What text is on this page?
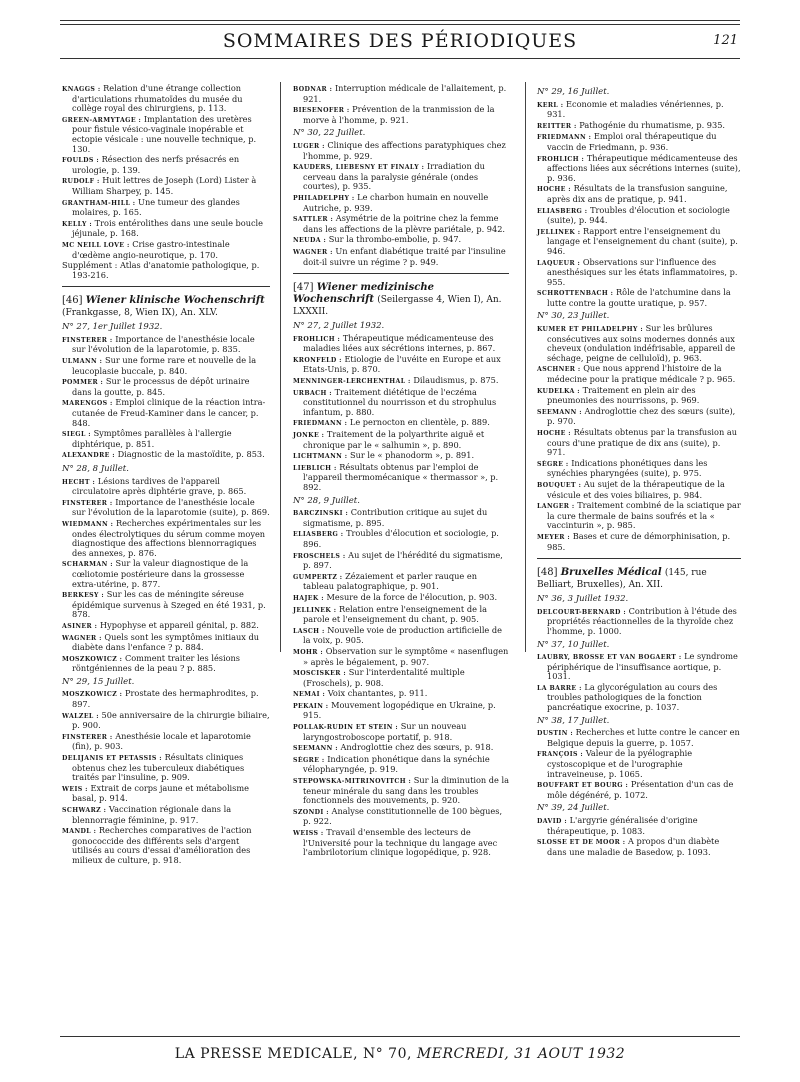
SOMMAIRES DES PÉRIODIQUES	121
KNAGGS : Relation d'une étrange collection d'articulations rhumatoïdes du musée du collège royal des chirurgiens, p. 113.
GREEN-ARMYTAGE : Implantation des uretères pour fistule vésico-vaginale inopérable et ectopie vésicale : une nouvelle technique, p. 130.
FOULDS : Résection des nerfs présacrés en urologie, p. 139.
RUDOLF : Huit lettres de Joseph (Lord) Lister à William Sharpey, p. 145.
GRANTHAM-HILL : Une tumeur des glandes molaires, p. 165.
KELLY : Trois entérolithes dans une seule boucle jéjunale, p. 168.
MC NEILL LOVE : Crise gastro-intestinale d'œdème angio-neurotique, p. 170.
Supplément : Atlas d'anatomie pathologique, p. 193-216.
[46] Wiener klinische Wochenschrift (Frankgasse, 8, Wien IX), An. XLV.
N° 27, 1er Juillet 1932.
FINSTERER : Importance de l'anesthésie locale sur l'évolution de la laparotomie, p. 835.
ULMANN : Sur une forme rare et nouvelle de la leucoplasie buccale, p. 840.
POMMER : Sur le processus de dépôt urinaire dans la goutte, p. 845.
MARENGOS : Emploi clinique de la réaction intra-cutanée de Freud-Kaminer dans le cancer, p. 848.
SIEGL : Symptômes parallèles à l'allergie diphtérique, p. 851.
ALEXANDRE : Diagnostic de la mastoïdite, p. 853.
N° 28, 8 Juillet.
HECHT : Lésions tardives de l'appareil circulatoire après diphtérie grave, p. 865.
FINSTERER : Importance de l'anesthésie locale sur l'évolution de la laparotomie (suite), p. 869.
WIEDMANN : Recherches expérimentales sur les ondes électrolytiques du sérum comme moyen diagnostique des affections blennorragiques des annexes, p. 876.
SCHARMAN : Sur la valeur diagnostique de la cœliotomie postérieure dans la grossesse extra-utérine, p. 877.
BERKESY : Sur les cas de méningite séreuse épidémique survenus à Szeged en été 1931, p. 878.
ASINER : Hypophyse et appareil génital, p. 882.
WAGNER : Quels sont les symptômes initiaux du diabète dans l'enfance ? p. 884.
MOSZKOWICZ : Comment traiter les lésions röntgéniennes de la peau ? p. 885.
N° 29, 15 Juillet.
MOSZKOWICZ : Prostate des hermaphrodites, p. 897.
WALZEL : 50e anniversaire de la chirurgie biliaire, p. 900.
FINSTERER : Anesthésie locale et laparotomie (fin), p. 903.
DELIJANIS ET PETASSIS : Résultats cliniques obtenus chez les tuberculeux diabétiques traités par l'insuline, p. 909.
WEIS : Extrait de corps jaune et métabolisme basal, p. 914.
SCHWARZ : Vaccination régionale dans la blennorragie féminine, p. 917.
MANDL : Recherches comparatives de l'action gonococcide des différents sels d'argent utilisés au cours d'essai d'amélioration des milieux de culture, p. 918.
BODNAR : Interruption médicale de l'allaitement, p. 921.
BIESENOFER : Prévention de la tranmission de la morve à l'homme, p. 921.
N° 30, 22 Juillet.
LUGER : Clinique des affections paratyphiques chez l'homme, p. 929.
KAUDERS, LIEBESNY ET FINALY : Irradiation du cerveau dans la paralysie générale (ondes courtes), p. 935.
PHILADELPHY : Le charbon humain en nouvelle Autriche, p. 939.
SATTLER : Asymétrie de la poitrine chez la femme dans les affections de la plèvre pariétale, p. 942.
NEUDA : Sur la thrombo-embolie, p. 947.
WAGNER : Un enfant diabétique traité par l'insuline doit-il suivre un régime ? p. 949.
[47] Wiener medizinische Wochenschrift (Seilergasse 4, Wien I), An. LXXXII.
N° 27, 2 Juillet 1932.
FROHLICH : Thérapeutique médicamenteuse des maladies liées aux sécrétions internes, p. 867.
KRONFELD : Etiologie de l'uvéite en Europe et aux Etats-Unis, p. 870.
MENNINGER-LERCHENTHAL : Dilaudismus, p. 875.
URBACH : Traitement diététique de l'eczéma constitutionnel du nourrisson et du strophulus infantum, p. 880.
FRIEDMANN : Le pernocton en clientèle, p. 889.
JONKE : Traitement de la polyarthrite aiguë et chronique par le « salhumin », p. 890.
LICHTMANN : Sur le « phanodorm », p. 891.
LIEBLICH : Résultats obtenus par l'emploi de l'appareil thermomécanique « thermassor », p. 892.
N° 28, 9 Juillet.
BARCZINSKI : Contribution critique au sujet du sigmatisme, p. 895.
ELIASBERG : Troubles d'élocution et sociologie, p. 896.
FROSCHELS : Au sujet de l'hérédité du sigmatisme, p. 897.
GUMPERTZ : Zézaiement et parler rauque en tableau palatographique, p. 901.
HAJEK : Mesure de la force de l'élocution, p. 903.
JELLINEK : Relation entre l'enseignement de la parole et l'enseignement du chant, p. 905.
LASCH : Nouvelle voie de production artificielle de la voix, p. 905.
MOHR : Observation sur le symptôme « nasenflugen » après le bégaiement, p. 907.
MOSCISKER : Sur l'interdentalité multiple (Froschels), p. 908.
NEMAI : Voix chantantes, p. 911.
PEKAIN : Mouvement logopédique en Ukraine, p. 915.
POLLAK-RUDIN ET STEIN : Sur un nouveau laryngostroboscope portatif, p. 918.
SEEMANN : Androglottie chez des sœurs, p. 918.
SÈGRE : Indication phonétique dans la synéchie vélopharyngée, p. 919.
STEPOWSKA-MITRINOVITCH : Sur la diminution de la teneur minérale du sang dans les troubles fonctionnels des mouvements, p. 920.
SZONDI : Analyse constitutionnelle de 100 bègues, p. 922.
WEISS : Travail d'ensemble des lecteurs de l'Université pour la technique du langage avec l'ambrilotorium clinique logopédique, p. 928.
N° 29, 16 Juillet.
KERL : Economie et maladies vénériennes, p. 931.
REITTER : Pathogénie du rhumatisme, p. 935.
FRIEDMANN : Emploi oral thérapeutique du vaccin de Friedmann, p. 936.
FROHLICH : Thérapeutique médicamenteuse des affections liées aux sécrétions internes (suite), p. 936.
HOCHE : Résultats de la transfusion sanguine, après dix ans de pratique, p. 941.
ELIASBERG : Troubles d'élocution et sociologie (suite), p. 944.
JELLINEK : Rapport entre l'enseignement du langage et l'enseignement du chant (suite), p. 946.
LAQUEUR : Observations sur l'influence des anesthésiques sur les états inflammatoires, p. 955.
SCHROTTENBACH : Rôle de l'atchumine dans la lutte contre la goutte uratique, p. 957.
N° 30, 23 Juillet.
KUMER ET PHILADELPHY : Sur les brûlures consécutives aux soins modernes donnés aux cheveux (ondulation indéfrisable, appareil de séchage, peigne de celluloïd), p. 963.
ASCHNER : Que nous apprend l'histoire de la médecine pour la pratique médicale ? p. 965.
KUDELKA : Traitement en plein air des pneumonies des nourrissons, p. 969.
SEEMANN : Androglottie chez des sœurs (suite), p. 970.
HOCHE : Résultats obtenus par la transfusion au cours d'une pratique de dix ans (suite), p. 971.
SÈGRE : Indications phonétiques dans les synéchies pharyngées (suite), p. 975.
BOUQUET : Au sujet de la thérapeutique de la vésicule et des voies biliaires, p. 984.
LANGER : Traitement combiné de la sciatique par la cure thermale de bains soufrés et la « vaccinturin », p. 985.
MEYER : Bases et cure de démorphinisation, p. 985.
[48] Bruxelles Médical (145, rue Belliart, Bruxelles), An. XII.
N° 36, 3 Juillet 1932.
DELCOURT-BERNARD : Contribution à l'étude des propriétés réactionnelles de la thyroïde chez l'homme, p. 1000.
N° 37, 10 Juillet.
LAUBRY, BROSSE ET VAN BOGAERT : Le syndrome périphérique de l'insuffisance aortique, p. 1031.
LA BARRE : La glycorégulation au cours des troubles pathologiques de la fonction pancréatique exocrine, p. 1037.
N° 38, 17 Juillet.
DUSTIN : Recherches et lutte contre le cancer en Belgique depuis la guerre, p. 1057.
FRANÇOIS : Valeur de la pyélographie cystoscopique et de l'urographie intraveineuse, p. 1065.
BOUFFART ET BOURG : Présentation d'un cas de môle dégénéré, p. 1072.
N° 39, 24 Juillet.
DAVID : L'argyrie généralisée d'origine thérapeutique, p. 1083.
SLOSSE ET DE MOOR : A propos d'un diabète dans une maladie de Basedow, p. 1093.
LA PRESSE MEDICALE, N° 70, MERCREDI, 31 AOUT 1932
